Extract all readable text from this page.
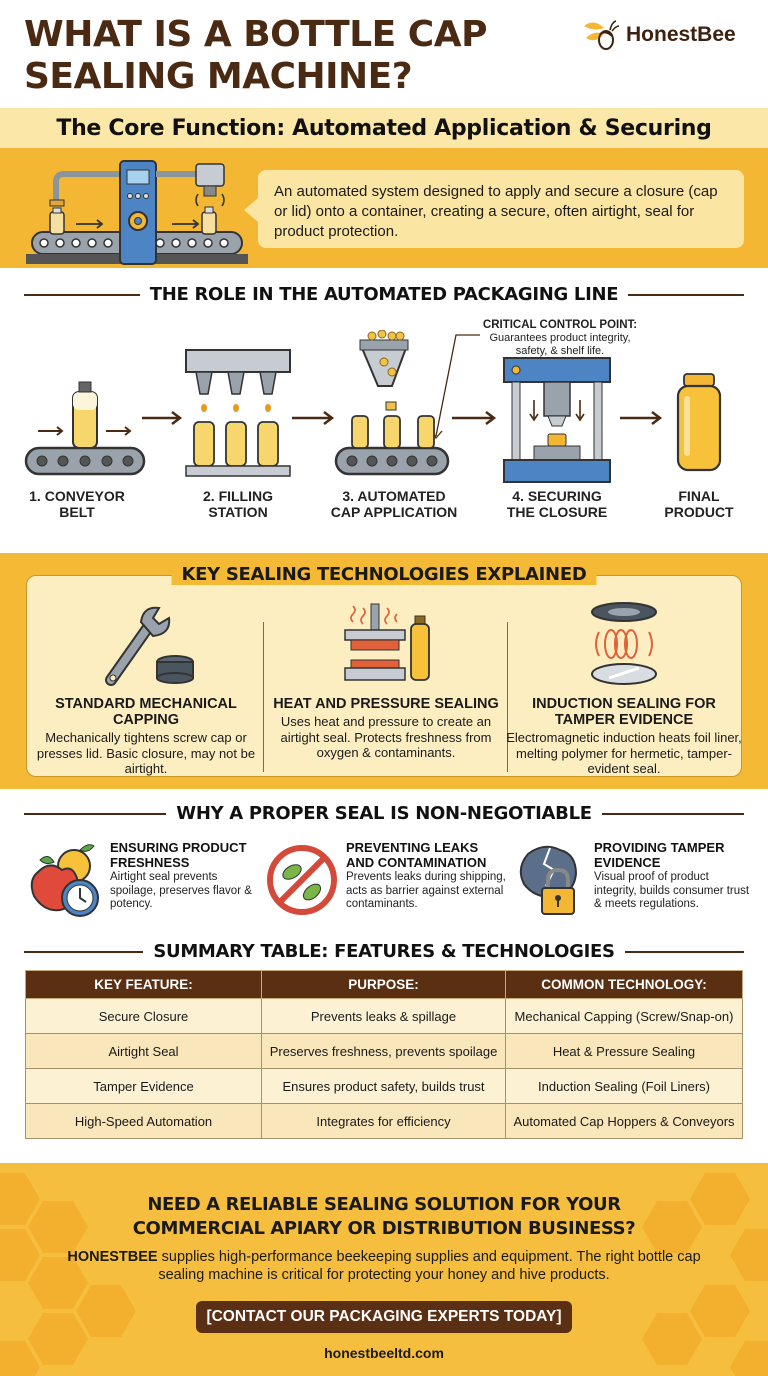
WHAT IS A BOTTLE CAP
SEALING MACHINE?
HonestBee
The Core Function: Automated Application & Securing
An automated system designed to apply and secure a closure (cap or lid) onto a container, creating a secure, often airtight, seal for product protection.
THE ROLE IN THE AUTOMATED PACKAGING LINE
CRITICAL CONTROL POINT:
Guarantees product integrity, safety, & shelf life.
1. CONVEYOR
BELT
2. FILLING
STATION
3. AUTOMATED
CAP APPLICATION
4. SECURING
THE CLOSURE
FINAL
PRODUCT
KEY SEALING TECHNOLOGIES EXPLAINED
STANDARD MECHANICAL CAPPING

Mechanically tightens screw cap or presses lid. Basic closure, may not be airtight.

HEAT AND PRESSURE SEALING

Uses heat and pressure to create an airtight seal. Protects freshness from oxygen & contaminants.

INDUCTION SEALING FOR TAMPER EVIDENCE

Electromagnetic induction heats foil liner, melting polymer for hermetic, tamper-evident seal.

WHY A PROPER SEAL IS NON-NEGOTIABLE
ENSURING PRODUCT
FRESHNESS

Airtight seal prevents spoilage, preserves flavor & potency.

PREVENTING LEAKS
AND CONTAMINATION

Prevents leaks during shipping, acts as barrier against external contaminants.

PROVIDING TAMPER
EVIDENCE

Visual proof of product integrity, builds consumer trust & meets regulations.

SUMMARY TABLE: FEATURES & TECHNOLOGIES
KEY FEATURE:	PURPOSE:	COMMON TECHNOLOGY:
Secure Closure	Prevents leaks & spillage	Mechanical Capping (Screw/Snap-on)
Airtight Seal	Preserves freshness, prevents spoilage	Heat & Pressure Sealing
Tamper Evidence	Ensures product safety, builds trust	Induction Sealing (Foil Liners)
High-Speed Automation	Integrates for efficiency	Automated Cap Hoppers & Conveyors
NEED A RELIABLE SEALING SOLUTION FOR YOUR
COMMERCIAL APIARY OR DISTRIBUTION BUSINESS?

HONESTBEE supplies high-performance beekeeping supplies and equipment. The right bottle cap sealing machine is critical for protecting your honey and hive products.

[CONTACT OUR PACKAGING EXPERTS TODAY]
honestbeeltd.com
